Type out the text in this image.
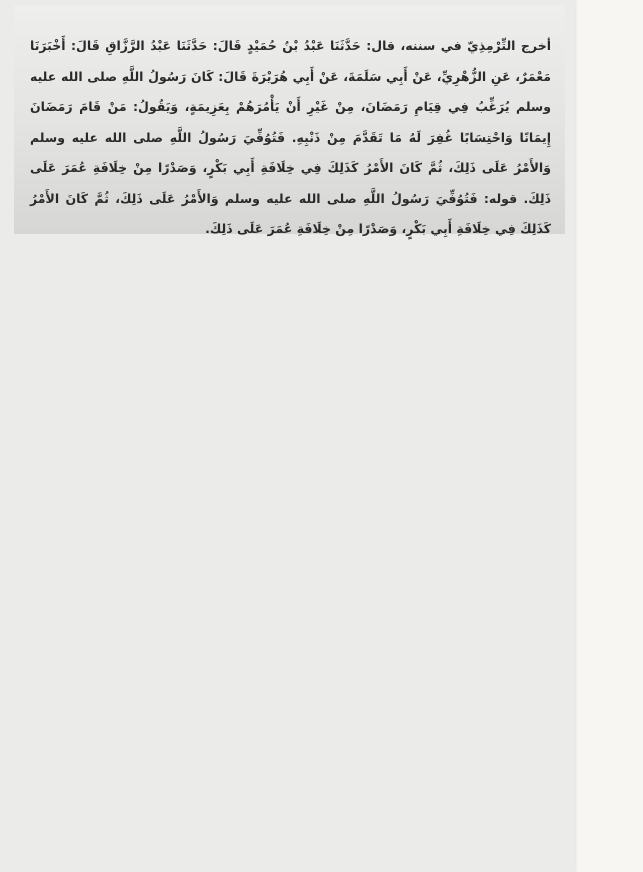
أخرج التِّرْمِذِيّ في سننه، قال: حَدَّثَنَا عَبْدُ بْنُ حُمَيْدٍ قَالَ: حَدَّثَنَا عَبْدُ الرَّزَّاقِ قَالَ: أَخْبَرَنَا مَعْمَرٌ، عَنِ الزُّهْرِيِّ، عَنْ أَبِي سَلَمَةَ، عَنْ أَبِي هُرَيْرَةَ قَالَ: كَانَ رَسُولُ اللَّهِ صلى الله عليه وسلم يُرَغِّبُ فِي قِيَامِ رَمَضَانَ، مِنْ غَيْرِ أَنْ يَأْمُرَهُمْ بِعَزِيمَةٍ، وَيَقُولُ: مَنْ قَامَ رَمَضَانَ إِيمَانًا وَاحْتِسَابًا غُفِرَ لَهُ مَا تَقَدَّمَ مِنْ ذَنْبِهِ. فَتُوُفِّيَ رَسُولُ اللَّهِ صلى الله عليه وسلم وَالأَمْرُ عَلَى ذَلِكَ، ثُمَّ كَانَ الأَمْرُ كَذَلِكَ فِي خِلَافَةِ أَبِي بَكْرٍ، وَصَدْرًا مِنْ خِلَافَةِ عُمَرَ عَلَى ذَلِكَ. قوله: فَتُوُفِّيَ رَسُولُ اللَّهِ صلى الله عليه وسلم وَالأَمْرُ عَلَى ذَلِكَ، ثُمَّ كَانَ الأَمْرُ كَذَلِكَ فِي خِلَافَةِ أَبِي بَكْرٍ، وَصَدْرًا مِنْ خِلَافَةِ عُمَرَ عَلَى ذَلِكَ.
